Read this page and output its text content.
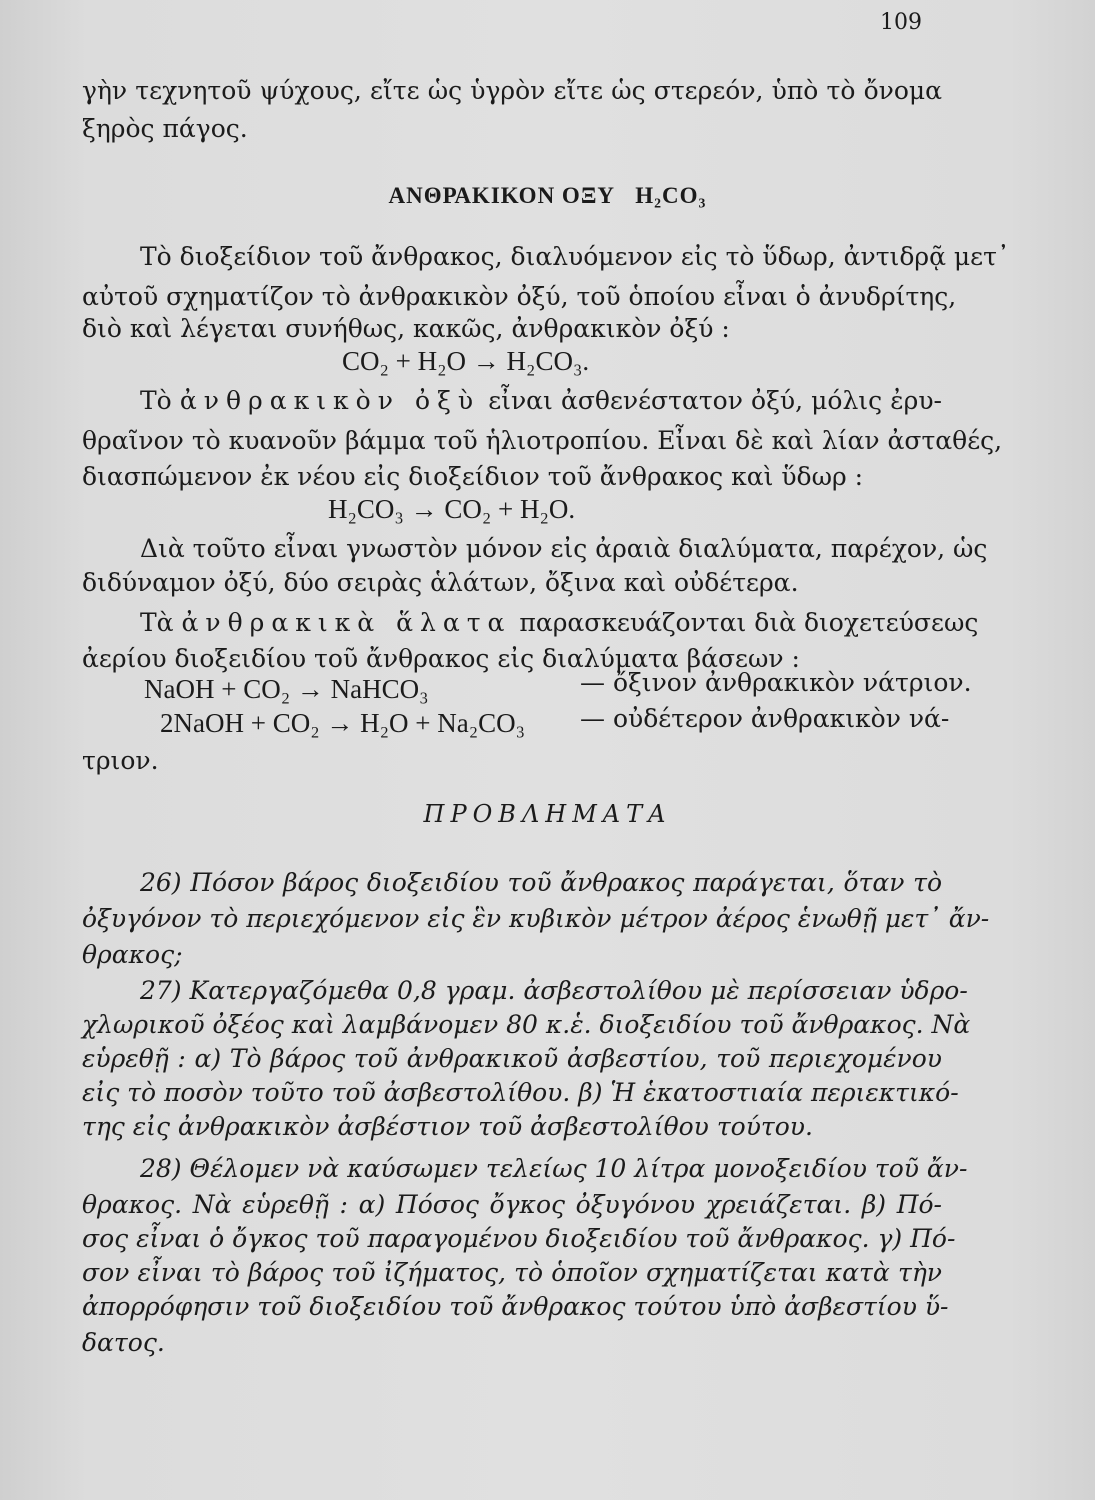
109
γὴν τεχνητοῦ ψύχους, εἴτε ὡς ὑγρὸν εἴτε ὡς στερεόν, ὑπὸ τὸ ὄνομα
ξηρὸς πάγος.
ΑΝΘΡΑΚΙΚΟΝ ΟΞΥ H₂CO₃
Τὸ διοξείδιον τοῦ ἄνθρακος, διαλυόμενον εἰς τὸ ὕδωρ, ἀντιδρᾷ μετ᾽
αὐτοῦ σχηματίζον τὸ ἀνθρακικὸν ὀξύ, τοῦ ὁποίου εἶναι ὁ ἀνυδρίτης,
διὸ καὶ λέγεται συνήθως, κακῶς, ἀνθρακικὸν ὀξύ :
CO₂ + H₂O → H₂CO₃.
Τὸ ἀνθρακικὸν ὀξὺ εἶναι ἀσθενέστατον ὀξύ, μόλις ἐρυ-
θραῖνον τὸ κυανοῦν βάμμα τοῦ ἡλιοτροπίου. Εἶναι δὲ καὶ λίαν ἀσταθές,
διασπώμενον ἐκ νέου εἰς διοξείδιον τοῦ ἄνθρακος καὶ ὕδωρ :
H₂CO₃ → CO₂ + H₂O.
Διὰ τοῦτο εἶναι γνωστὸν μόνον εἰς ἀραιὰ διαλύματα, παρέχον, ὡς
διδύναμον ὀξύ, δύο σειρὰς ἁλάτων, ὄξινα καὶ οὐδέτερα.
Τὰ ἀνθρακικὰ ἅλατα παρασκευάζονται διὰ διοχετεύσεως
ἀερίου διοξειδίου τοῦ ἄνθρακος εἰς διαλύματα βάσεων :
NaOH + CO₂ → NaHCO₃	— ὄξινον ἀνθρακικὸν νάτριον.
2NaOH + CO₂ → H₂O + Na₂CO₃ — οὐδέτερον ἀνθρακικὸν νά-
τριον.
ΠΡΟΒΛΗΜΑΤΑ
26) Πόσον βάρος διοξειδίου τοῦ ἄνθρακος παράγεται, ὅταν τὸ
ὀξυγόνον τὸ περιεχόμενον εἰς ἓν κυβικὸν μέτρον ἀέρος ἑνωθῇ μετ᾽ ἄν-
θρακος;
27) Κατεργαζόμεθα 0,8 γραμ. ἀσβεστολίθου μὲ περίσσειαν ὑδρο-
χλωρικοῦ ὀξέος καὶ λαμβάνομεν 80 κ.ἑ. διοξειδίου τοῦ ἄνθρακος. Νὰ
εὑρεθῇ : α) Τὸ βάρος τοῦ ἀνθρακικοῦ ἀσβεστίου, τοῦ περιεχομένου
εἰς τὸ ποσὸν τοῦτο τοῦ ἀσβεστολίθου. β) Ἡ ἑκατοστιαία περιεκτικό-
της εἰς ἀνθρακικὸν ἀσβέστιον τοῦ ἀσβεστολίθου τούτου.
28) Θέλομεν νὰ καύσωμεν τελείως 10 λίτρα μονοξειδίου τοῦ ἄν-
θρακος. Νὰ εὑρεθῇ : α) Πόσος ὄγκος ὀξυγόνου χρειάζεται. β) Πό-
σος εἶναι ὁ ὄγκος τοῦ παραγομένου διοξειδίου τοῦ ἄνθρακος. γ) Πό-
σον εἶναι τὸ βάρος τοῦ ἰζήματος, τὸ ὁποῖον σχηματίζεται κατὰ τὴν
ἀπορρόφησιν τοῦ διοξειδίου τοῦ ἄνθρακος τούτου ὑπὸ ἀσβεστίου ὕ-
δατος.
